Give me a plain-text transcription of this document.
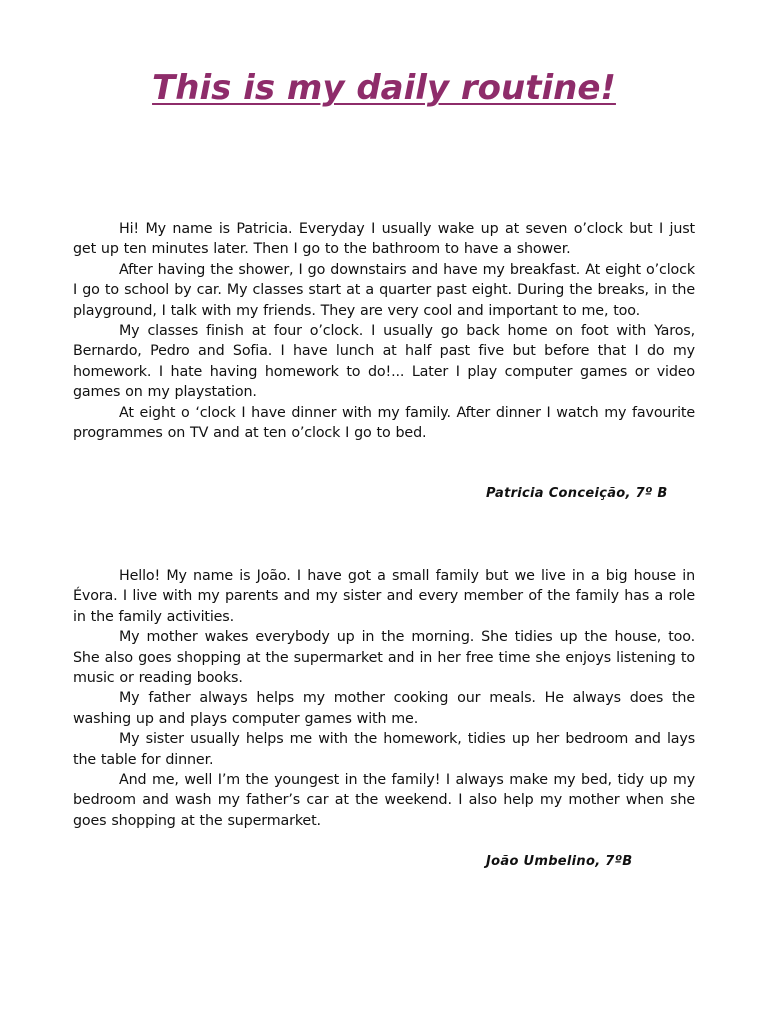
This is my daily routine!

Hi! My name is Patricia. Everyday I usually wake up at seven o’clock but I just get up ten minutes later. Then I go to the bathroom to have a shower.

After having the shower, I go downstairs and have my breakfast. At eight o’clock I go to school by car. My classes start at a quarter past eight. During the breaks, in the playground, I talk with my friends. They are very cool and important to me, too.

My classes finish at four o’clock. I usually go back home on foot with Yaros, Bernardo, Pedro and Sofia. I have lunch at half past five but before that I do my homework. I hate having homework to do!... Later I play computer games or video games on my playstation.

At eight o ‘clock I have dinner with my family. After dinner I watch my favourite programmes on TV and at ten o’clock I go to bed.

Patricia Conceição, 7º B

Hello! My name is João. I have got a small family but we live in a big house in Évora. I live with my parents and my sister and every member of the family has a role in the family activities.

My mother wakes everybody up in the morning. She tidies up the house, too. She also goes shopping at the supermarket and in her free time she enjoys listening to music or reading books.

My father always helps my mother cooking our meals. He always does the washing up and plays computer games with me.

My sister usually helps me with the homework, tidies up her bedroom and lays the table for dinner.

And me, well I’m the youngest in the family! I always make my bed, tidy up my bedroom and wash my father’s car at the weekend. I also help my mother when she goes shopping at the supermarket.

João Umbelino, 7ºB
